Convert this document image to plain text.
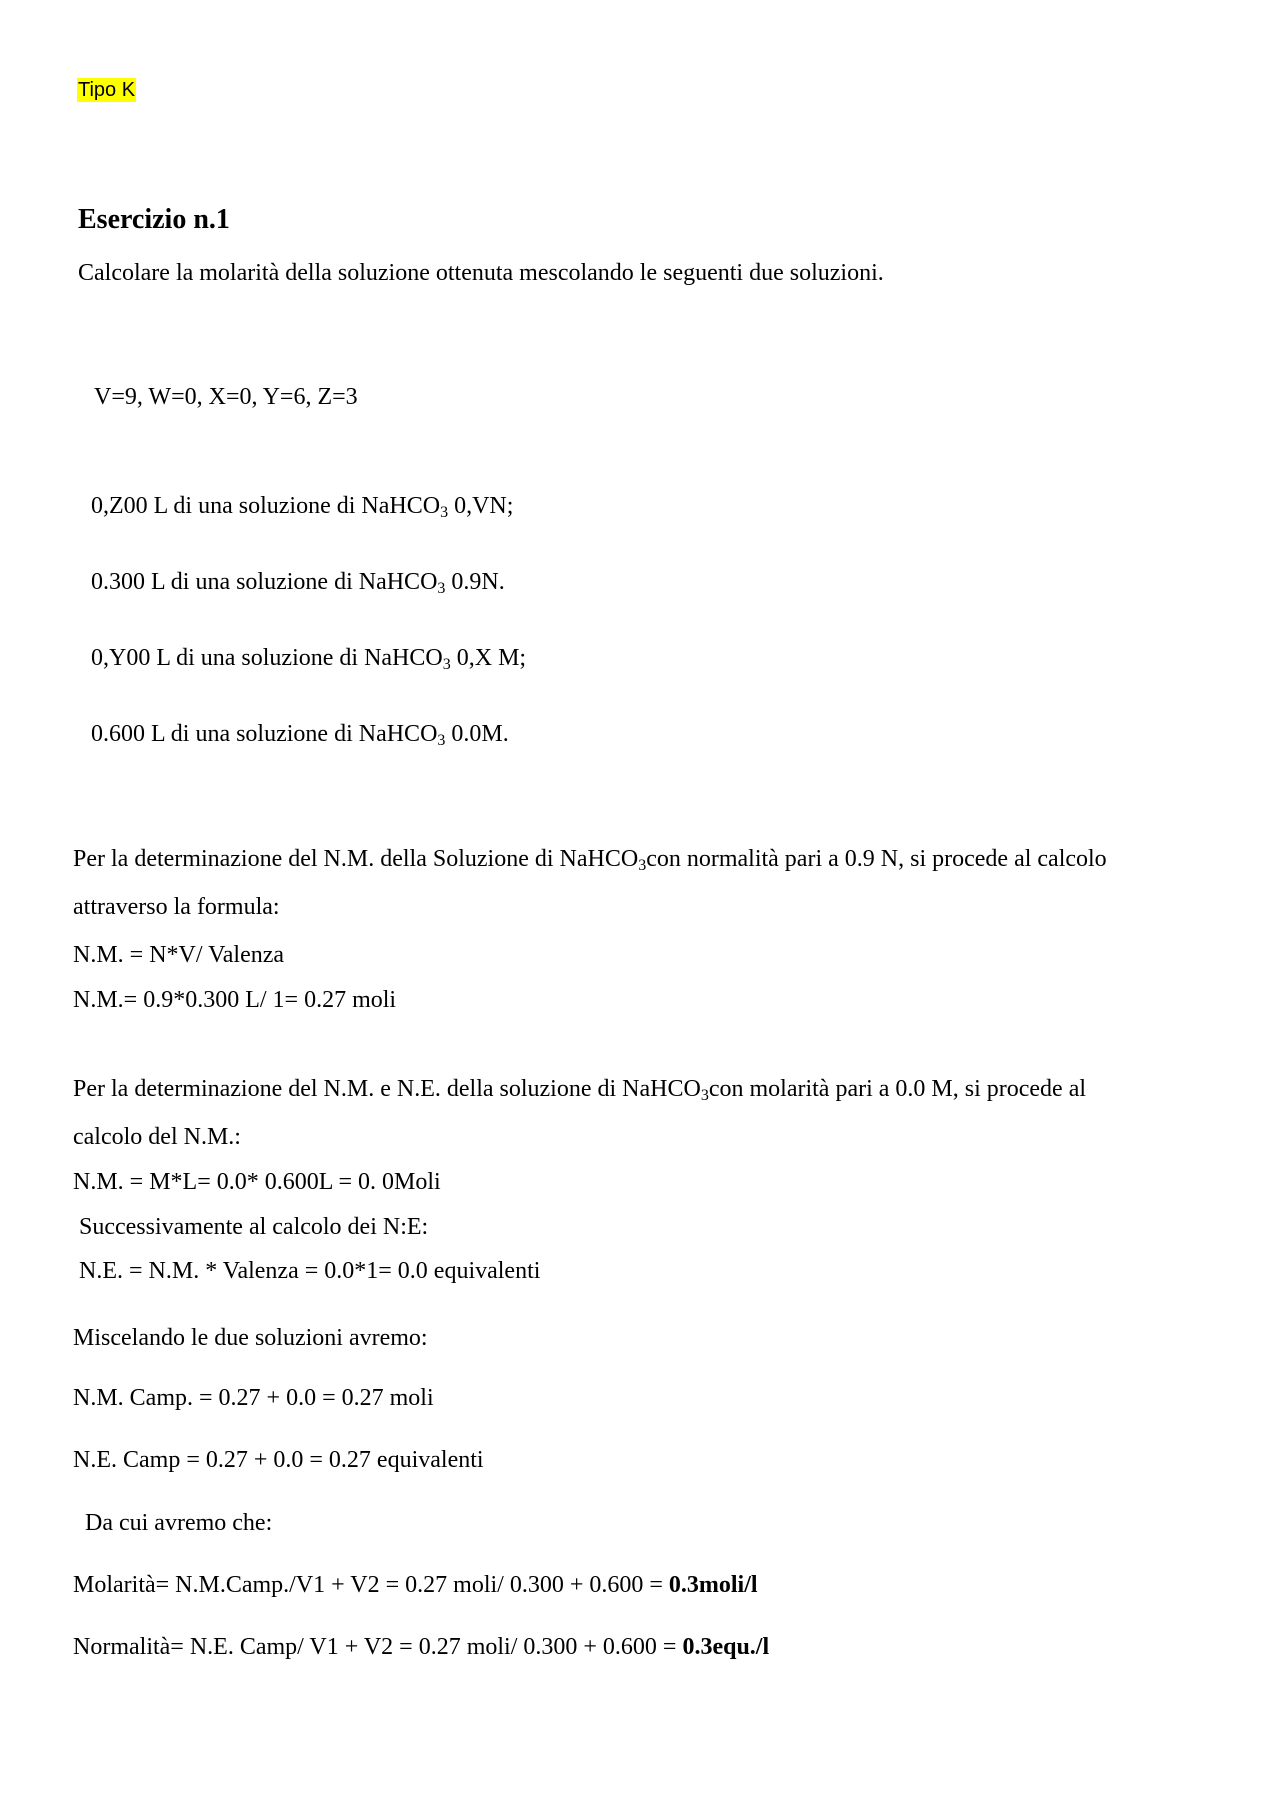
Tipo K
Esercizio n.1
Calcolare la molarità della soluzione ottenuta mescolando le seguenti due soluzioni.
V=9, W=0, X=0, Y=6, Z=3
0,Z00 L di una soluzione di NaHCO$_3$ 0,VN;
0.300 L di una soluzione di NaHCO$_3$ 0.9N.
0,Y00 L di una soluzione di NaHCO$_3$ 0,X M;
0.600 L di una soluzione di NaHCO$_3$ 0.0M.
Per la determinazione del N.M. della Soluzione di NaHCO$_3$con normalità pari a 0.9 N, si procede al calcolo
attraverso la formula:
N.M. = N*V/ Valenza
N.M.= 0.9*0.300 L/ 1= 0.27 moli
Per la determinazione del N.M. e N.E. della soluzione di NaHCO$_3$con molarità pari a 0.0 M, si procede al
calcolo del N.M.:
N.M. = M*L= 0.0* 0.600L = 0. 0Moli
Successivamente al calcolo dei N:E:
N.E. = N.M. * Valenza = 0.0*1= 0.0 equivalenti
Miscelando le due soluzioni avremo:
N.M. Camp. = 0.27 + 0.0 = 0.27 moli
N.E. Camp = 0.27 + 0.0 = 0.27 equivalenti
Da cui avremo che:
Molarità= N.M.Camp./V1 + V2 = 0.27 moli/ 0.300 + 0.600 = 0.3moli/l
Normalità= N.E. Camp/ V1 + V2 = 0.27 moli/ 0.300 + 0.600 = 0.3equ./l
